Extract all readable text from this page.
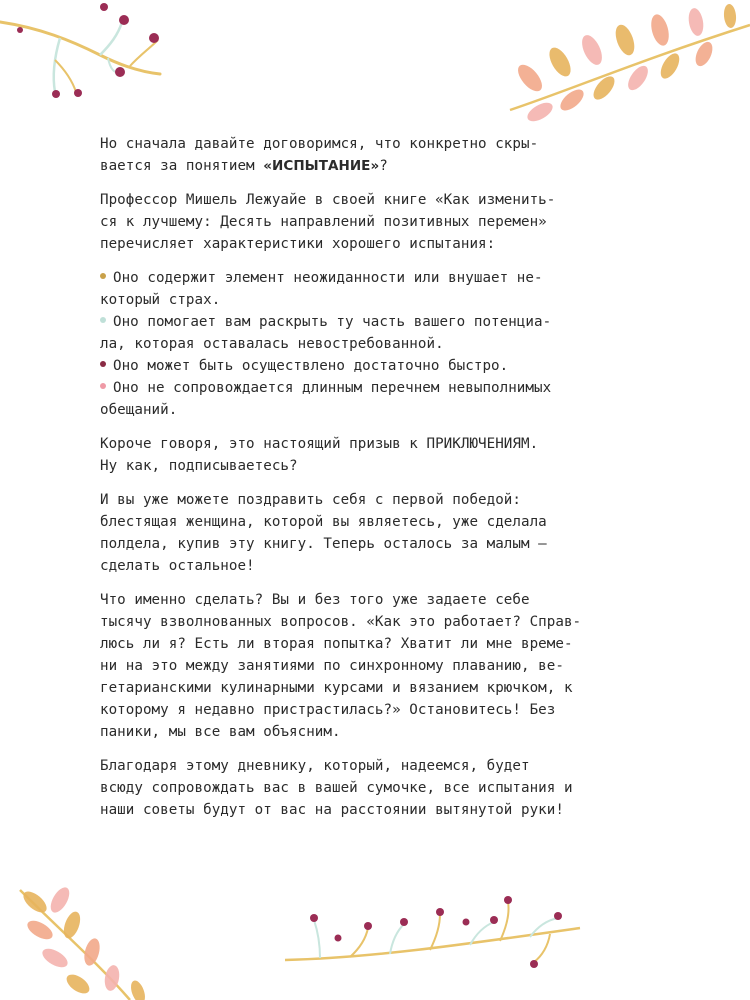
Но сначала давайте договоримся, что конкретно скры-
вается за понятием «ИСПЫТАНИЕ»?

Профессор Мишель Лежуайе в своей книге «Как изменить-
ся к лучшему: Десять направлений позитивных перемен»
перечисляет характеристики хорошего испытания:

Оно содержит элемент неожиданности или внушает не-
который страх.
Оно помогает вам раскрыть ту часть вашего потенциа-
ла, которая оставалась невостребованной.
Оно может быть осуществлено достаточно быстро.
Оно не сопровождается длинным перечнем невыполнимых
обещаний.

Короче говоря, это настоящий призыв к ПРИКЛЮЧЕНИЯМ.
Ну как, подписываетесь?

И вы уже можете поздравить себя с первой победой:
блестящая женщина, которой вы являетесь, уже сделала
полдела, купив эту книгу. Теперь осталось за малым —
сделать остальное!

Что именно сделать? Вы и без того уже задаете себе
тысячу взволнованных вопросов. «Как это работает? Справ-
люсь ли я? Есть ли вторая попытка? Хватит ли мне време-
ни на это между занятиями по синхронному плаванию, ве-
гетарианскими кулинарными курсами и вязанием крючком, к
которому я недавно пристрастилась?» Остановитесь! Без
паники, мы все вам объясним.

Благодаря этому дневнику, который, надеемся, будет
всюду сопровождать вас в вашей сумочке, все испытания и
наши советы будут от вас на расстоянии вытянутой руки!
